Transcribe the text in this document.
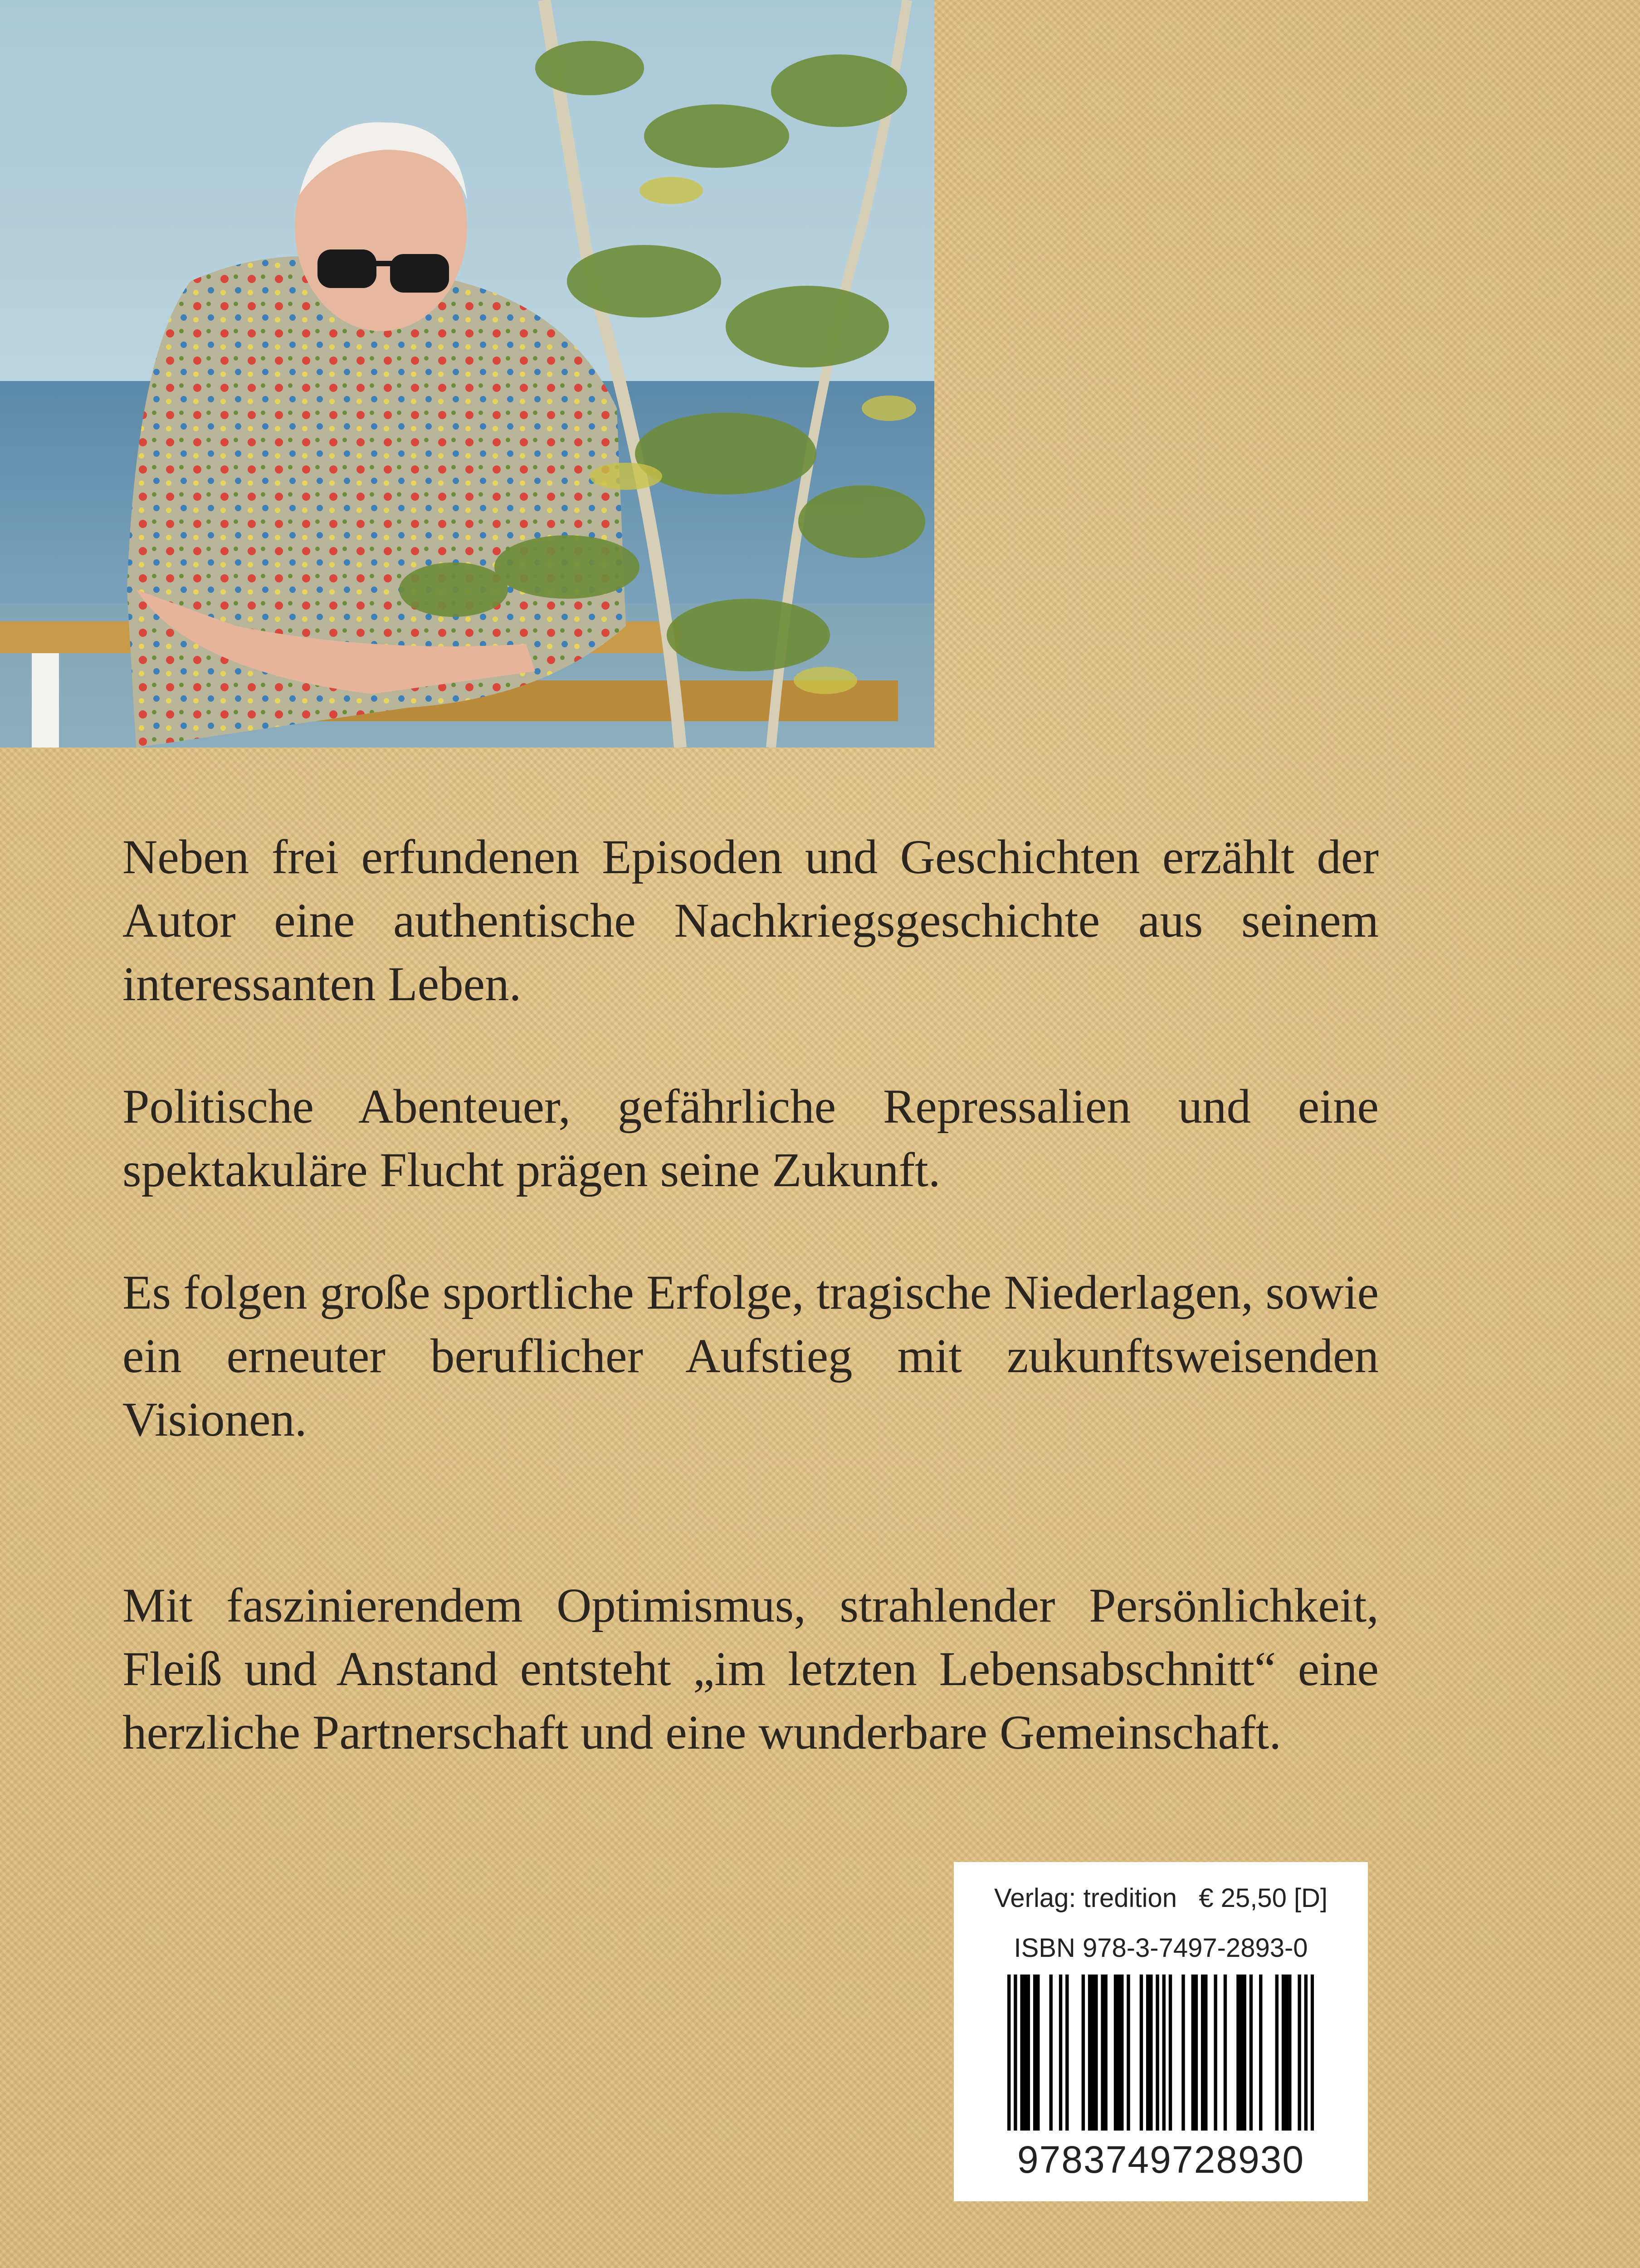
Neben frei erfundenen Episoden und Geschichten erzählt der Autor eine authentische Nachkriegsgeschichte aus seinem interessanten Leben.

Politische Abenteuer, gefährliche Repressalien und eine spektakuläre Flucht prägen seine Zukunft.

Es folgen große sportliche Erfolge, tragische Niederlagen, sowie ein erneuter beruflicher Aufstieg mit zukunftsweisenden Visionen.

Mit faszinierendem Optimismus, strahlender Persönlichkeit, Fleiß und Anstand entsteht „im letzten Lebensabschnitt“ eine herzliche Partnerschaft und eine wunderbare Gemeinschaft.

Verlag: tredition   € 25,50 [D]
ISBN 978-3-7497-2893-0
9783749728930
